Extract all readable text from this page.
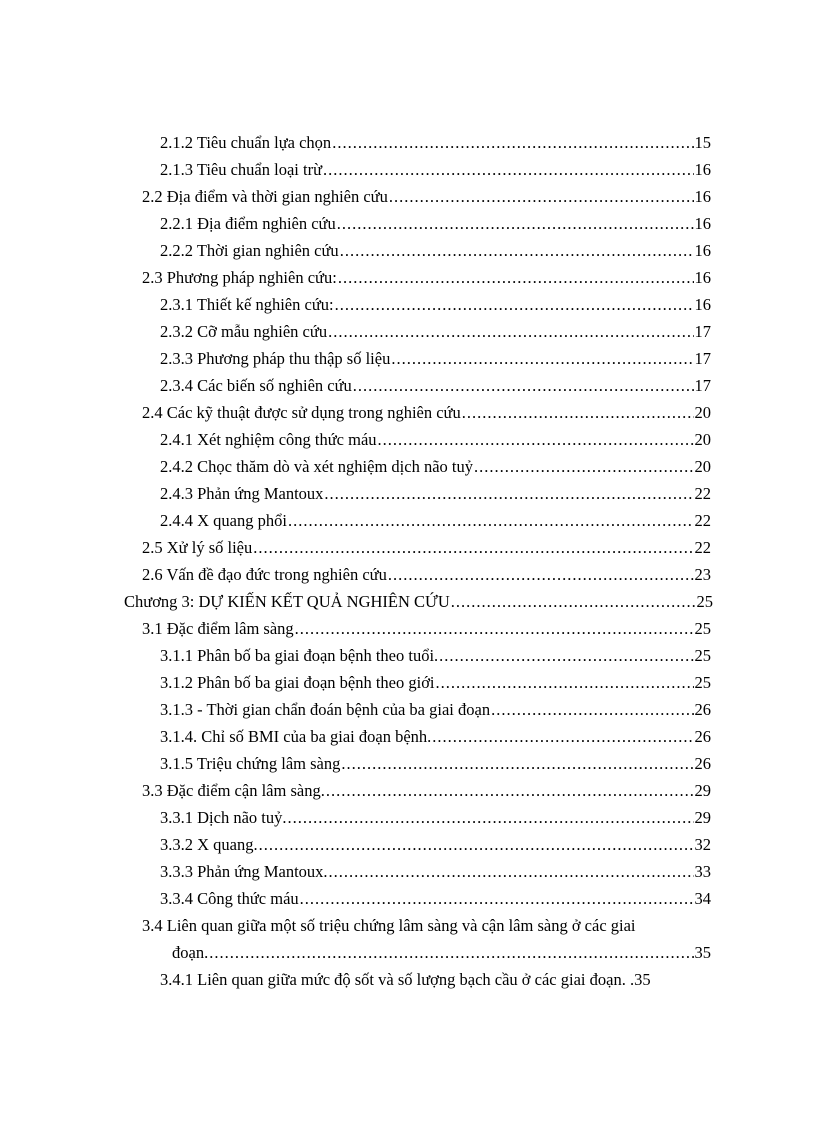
2.1.2 Tiêu chuẩn lựa chọn .....	15
2.1.3 Tiêu chuẩn loại trừ .....	16
2.2 Địa điểm và thời gian nghiên cứu .....	16
2.2.1 Địa điểm nghiên cứu .....	16
2.2.2 Thời gian nghiên cứu .....	16
2.3 Phương pháp nghiên cứu: .....	16
2.3.1 Thiết kế nghiên cứu: .....	16
2.3.2 Cỡ mẫu nghiên cứu .....	17
2.3.3 Phương pháp thu thập số liệu .....	17
2.3.4 Các biến số nghiên cứu .....	17
2.4 Các kỹ thuật được sử dụng trong nghiên cứu .....	20
2.4.1 Xét nghiệm công thức máu .....	20
2.4.2 Chọc thăm dò và xét nghiệm dịch não tuỷ .....	20
2.4.3 Phản ứng Mantoux .....	22
2.4.4 X quang phổi .....	22
2.5 Xử lý số liệu .....	22
2.6 Vấn đề đạo đức trong nghiên cứu .....	23
Chương 3: DỰ KIẾN KẾT QUẢ NGHIÊN CỨU .....	25
3.1 Đặc điểm lâm sàng .....	25
3.1.1 Phân bố ba giai đoạn bệnh theo tuổi. .....	25
3.1.2 Phân bố ba giai đoạn bệnh theo giới .....	25
3.1.3 - Thời gian chẩn đoán bệnh của ba giai đoạn .....	26
3.1.4. Chỉ số BMI của ba giai đoạn bệnh. .....	26
3.1.5 Triệu chứng lâm sàng .....	26
3.3 Đặc điểm cận lâm sàng. .....	29
3.3.1 Dịch não tuỷ. .....	29
3.3.2 X quang. .....	32
3.3.3 Phản ứng Mantoux. .....	33
3.3.4 Công thức máu .....	34
3.4 Liên quan giữa một số triệu chứng lâm sàng và cận lâm sàng ở các giai
đoạn. .....	35
3.4.1 Liên quan giữa mức độ sốt và số lượng bạch cầu ở các giai đoạn. . 35
